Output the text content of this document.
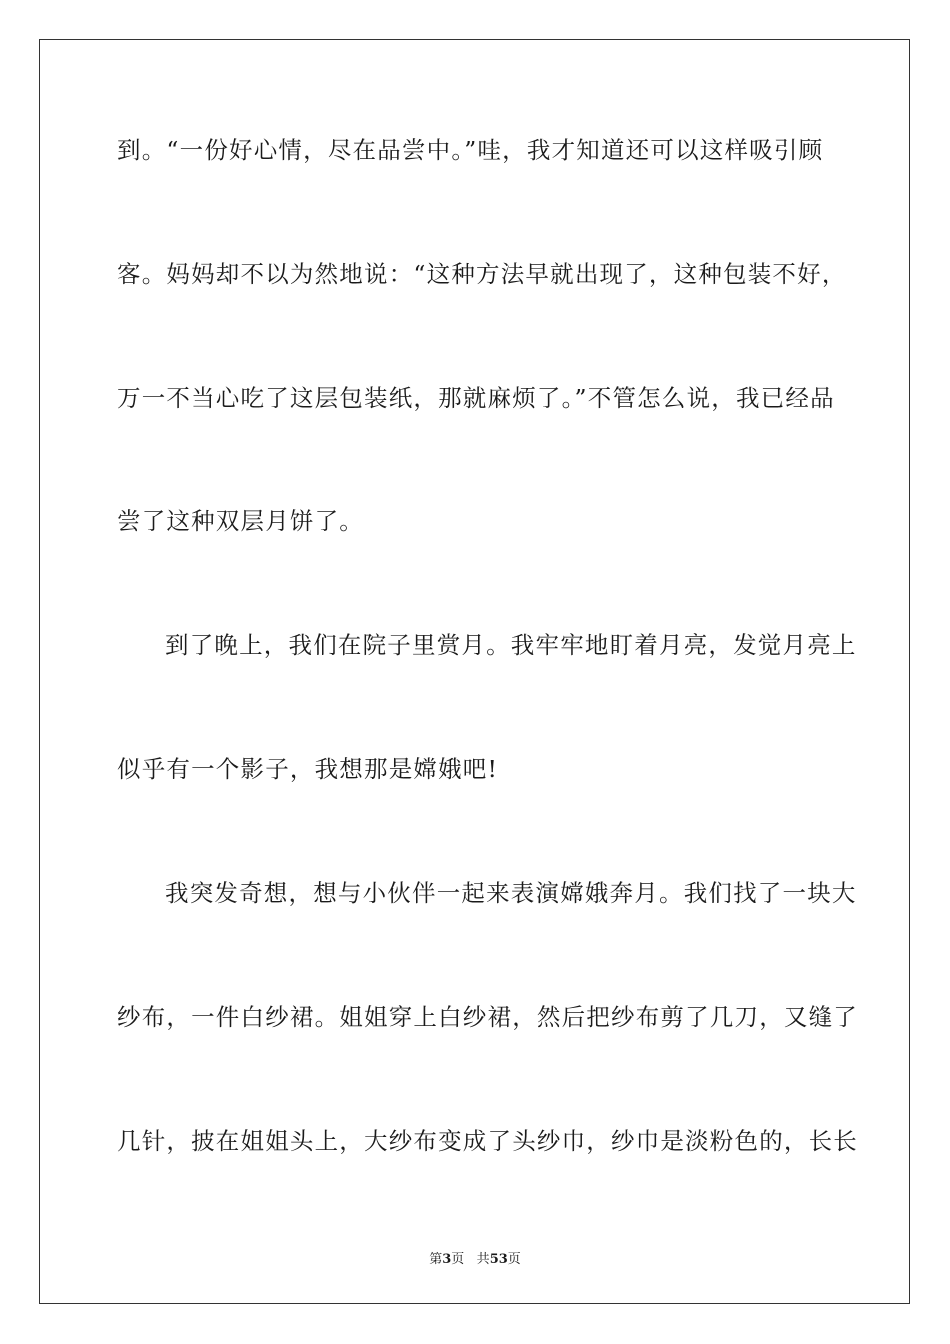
到。“一份好心情，尽在品尝中。”哇，我才知道还可以这样吸引顾
客。妈妈却不以为然地说：“这种方法早就出现了，这种包装不好，
万一不当心吃了这层包装纸，那就麻烦了。”不管怎么说，我已经品
尝了这种双层月饼了。
到了晚上，我们在院子里赏月。我牢牢地盯着月亮，发觉月亮上
似乎有一个影子，我想那是嫦娥吧!
我突发奇想，想与小伙伴一起来表演嫦娥奔月。我们找了一块大
纱布，一件白纱裙。姐姐穿上白纱裙，然后把纱布剪了几刀，又缝了
几针，披在姐姐头上，大纱布变成了头纱巾，纱巾是淡粉色的，长长
第3页 共53页
